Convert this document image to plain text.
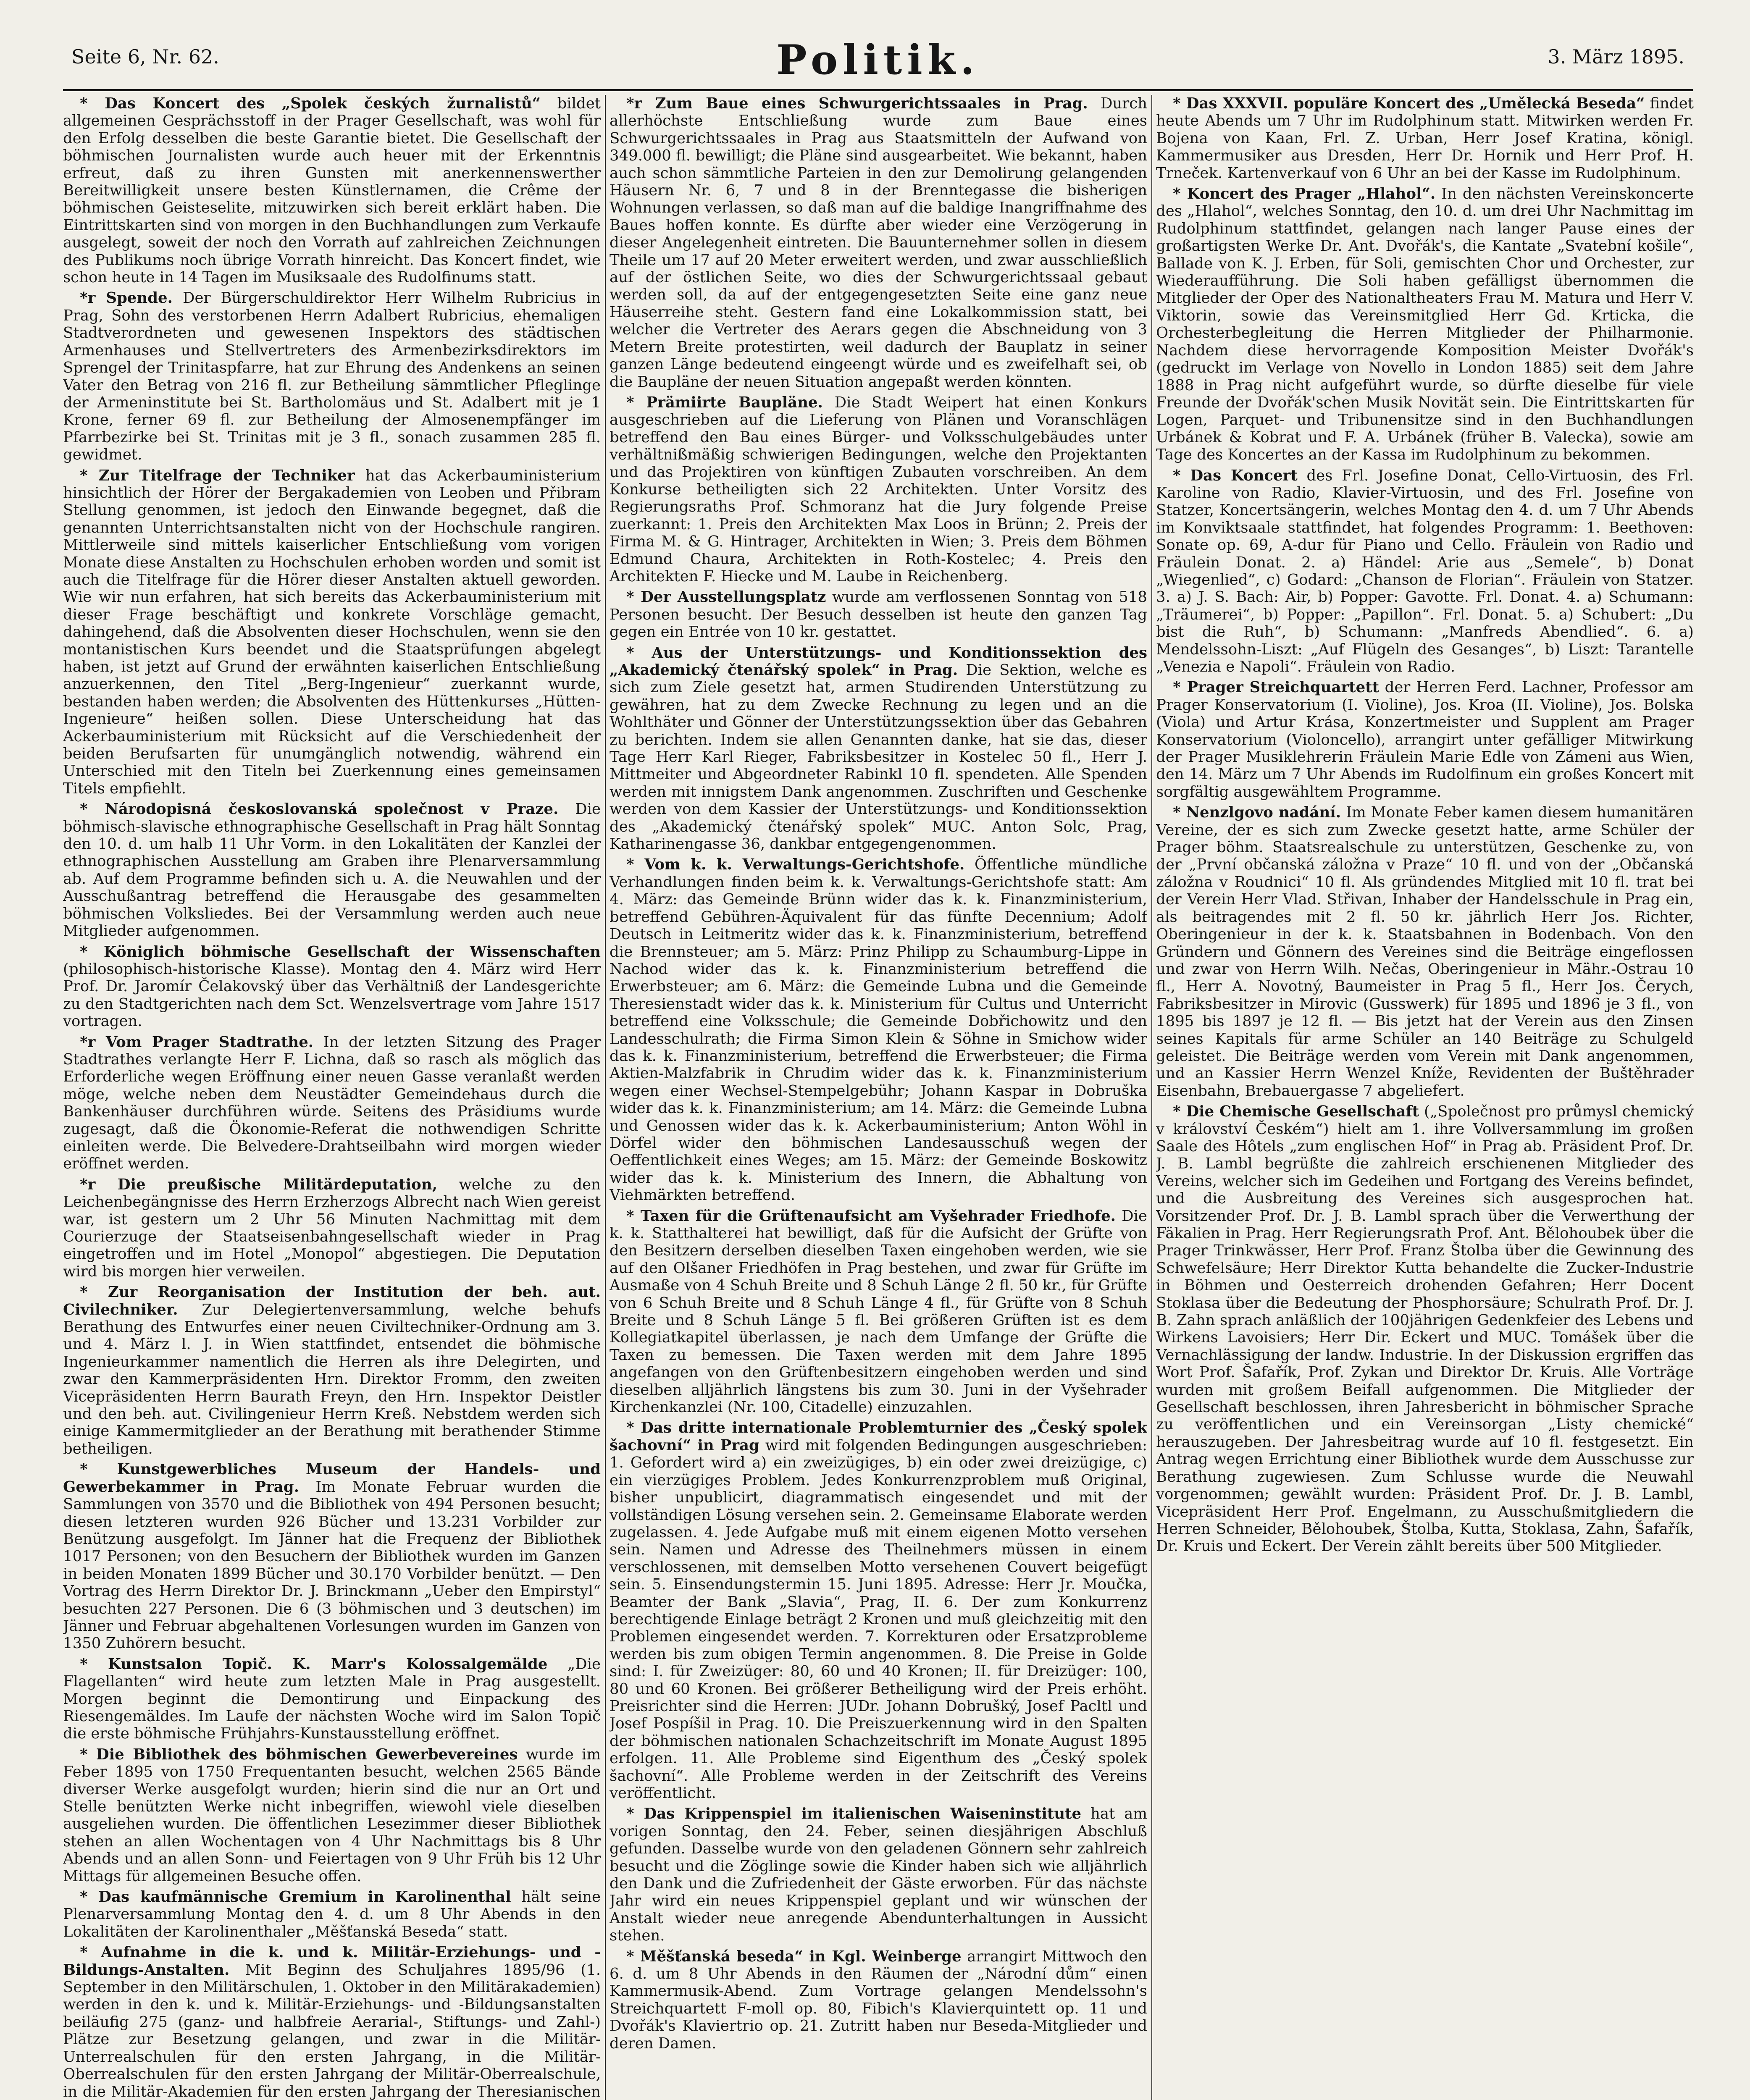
Seite 6, Nr. 62.	Politik.	3. März 1895.

* Das Koncert des „Spolek českých žurnalistů“ bildet allgemeinen Gesprächsstoff in der Prager Gesellschaft, was wohl für den Erfolg desselben die beste Garantie bietet. Die Gesellschaft der böhmischen Journalisten wurde auch heuer mit der Erkenntnis erfreut, daß zu ihren Gunsten mit anerkennenswerther Bereitwilligkeit unsere besten Künstlernamen, die Crême der böhmischen Geisteselite, mitzuwirken sich bereit erklärt haben. Die Eintrittskarten sind von morgen in den Buchhandlungen zum Verkaufe ausgelegt, soweit der noch den Vorrath auf zahlreichen Zeichnungen des Publikums noch übrige Vorrath hinreicht. Das Koncert findet, wie schon heute in 14 Tagen im Musiksaale des Rudolfinums statt.

*r Spende. Der Bürgerschuldirektor Herr Wilhelm Rubricius in Prag, Sohn des verstorbenen Herrn Adalbert Rubricius, ehemaligen Stadtverordneten und gewesenen Inspektors des städtischen Armenhauses und Stellvertreters des Armenbezirksdirektors im Sprengel der Trinitaspfarre, hat zur Ehrung des Andenkens an seinen Vater den Betrag von 216 fl. zur Betheilung sämmtlicher Pfleglinge der Armeninstitute bei St. Bartholomäus und St. Adalbert mit je 1 Krone, ferner 69 fl. zur Betheilung der Almosenempfänger im Pfarrbezirke bei St. Trinitas mit je 3 fl., sonach zusammen 285 fl. gewidmet.

* Zur Titelfrage der Techniker hat das Ackerbauministerium hinsichtlich der Hörer der Bergakademien von Leoben und Přibram Stellung genommen, ist jedoch den Einwande begegnet, daß die genannten Unterrichtsanstalten nicht von der Hochschule rangiren. Mittlerweile sind mittels kaiserlicher Entschließung vom vorigen Monate diese Anstalten zu Hochschulen erhoben worden und somit ist auch die Titelfrage für die Hörer dieser Anstalten aktuell geworden. Wie wir nun erfahren, hat sich bereits das Ackerbauministerium mit dieser Frage beschäftigt und konkrete Vorschläge gemacht, dahingehend, daß die Absolventen dieser Hochschulen, wenn sie den montanistischen Kurs beendet und die Staatsprüfungen abgelegt haben, ist jetzt auf Grund der erwähnten kaiserlichen Entschließung anzuerkennen, den Titel „Berg-Ingenieur“ zuerkannt wurde, bestanden haben werden; die Absolventen des Hüttenkurses „Hütten-Ingenieure“ heißen sollen. Diese Unterscheidung hat das Ackerbauministerium mit Rücksicht auf die Verschiedenheit der beiden Berufsarten für unumgänglich notwendig, während ein Unterschied mit den Titeln bei Zuerkennung eines gemeinsamen Titels empfiehlt.

* Národopisná českoslovanská společnost v Praze. Die böhmisch-slavische ethnographische Gesellschaft in Prag hält Sonntag den 10. d. um halb 11 Uhr Vorm. in den Lokalitäten der Kanzlei der ethnographischen Ausstellung am Graben ihre Plenarversammlung ab. Auf dem Programme befinden sich u. A. die Neuwahlen und der Ausschußantrag betreffend die Herausgabe des gesammelten böhmischen Volksliedes. Bei der Versammlung werden auch neue Mitglieder aufgenommen.

* Königlich böhmische Gesellschaft der Wissenschaften (philosophisch-historische Klasse). Montag den 4. März wird Herr Prof. Dr. Jaromír Čelakovský über das Verhältniß der Landesgerichte zu den Stadtgerichten nach dem Sct. Wenzelsvertrage vom Jahre 1517 vortragen.

*r Vom Prager Stadtrathe. In der letzten Sitzung des Prager Stadtrathes verlangte Herr F. Lichna, daß so rasch als möglich das Erforderliche wegen Eröffnung einer neuen Gasse veranlaßt werden möge, welche neben dem Neustädter Gemeindehaus durch die Bankenhäuser durchführen würde. Seitens des Präsidiums wurde zugesagt, daß die Ökonomie-Referat die nothwendigen Schritte einleiten werde. Die Belvedere-Drahtseilbahn wird morgen wieder eröffnet werden.

*r Die preußische Militärdeputation, welche zu den Leichenbegängnisse des Herrn Erzherzogs Albrecht nach Wien gereist war, ist gestern um 2 Uhr 56 Minuten Nachmittag mit dem Courierzuge der Staatseisenbahngesellschaft wieder in Prag eingetroffen und im Hotel „Monopol“ abgestiegen. Die Deputation wird bis morgen hier verweilen.

* Zur Reorganisation der Institution der beh. aut. Civilechniker. Zur Delegiertenversammlung, welche behufs Berathung des Entwurfes einer neuen Civiltechniker-Ordnung am 3. und 4. März l. J. in Wien stattfindet, entsendet die böhmische Ingenieurkammer namentlich die Herren als ihre Delegirten, und zwar den Kammerpräsidenten Hrn. Direktor Fromm, den zweiten Vicepräsidenten Herrn Baurath Freyn, den Hrn. Inspektor Deistler und den beh. aut. Civilingenieur Herrn Kreß. Nebstdem werden sich einige Kammermitglieder an der Berathung mit berathender Stimme betheiligen.

* Kunstgewerbliches Museum der Handels- und Gewerbekammer in Prag. Im Monate Februar wurden die Sammlungen von 3570 und die Bibliothek von 494 Personen besucht; diesen letzteren wurden 926 Bücher und 13.231 Vorbilder zur Benützung ausgefolgt. Im Jänner hat die Frequenz der Bibliothek 1017 Personen; von den Besuchern der Bibliothek wurden im Ganzen in beiden Monaten 1899 Bücher und 30.170 Vorbilder benützt. — Den Vortrag des Herrn Direktor Dr. J. Brinckmann „Ueber den Empirstyl“ besuchten 227 Personen. Die 6 (3 böhmischen und 3 deutschen) im Jänner und Februar abgehaltenen Vorlesungen wurden im Ganzen von 1350 Zuhörern besucht.

* Kunstsalon Topič. K. Marr's Kolossalgemälde „Die Flagellanten“ wird heute zum letzten Male in Prag ausgestellt. Morgen beginnt die Demontirung und Einpackung des Riesengemäldes. Im Laufe der nächsten Woche wird im Salon Topič die erste böhmische Frühjahrs-Kunstausstellung eröffnet.

* Die Bibliothek des böhmischen Gewerbevereines wurde im Feber 1895 von 1750 Frequentanten besucht, welchen 2565 Bände diverser Werke ausgefolgt wurden; hierin sind die nur an Ort und Stelle benützten Werke nicht inbegriffen, wiewohl viele dieselben ausgeliehen wurden. Die öffentlichen Lesezimmer dieser Bibliothek stehen an allen Wochentagen von 4 Uhr Nachmittags bis 8 Uhr Abends und an allen Sonn- und Feiertagen von 9 Uhr Früh bis 12 Uhr Mittags für allgemeinen Besuche offen.

* Das kaufmännische Gremium in Karolinenthal hält seine Plenarversammlung Montag den 4. d. um 8 Uhr Abends in den Lokalitäten der Karolinenthaler „Měšťanská Beseda“ statt.

* Aufnahme in die k. und k. Militär-Erziehungs- und -Bildungs-Anstalten. Mit Beginn des Schuljahres 1895/96 (1. September in den Militärschulen, 1. Oktober in den Militärakademien) werden in den k. und k. Militär-Erziehungs- und -Bildungsanstalten beiläufig 275 (ganz- und halbfreie Aerarial-, Stiftungs- und Zahl-) Plätze zur Besetzung gelangen, und zwar in die Militär-Unterrealschulen für den ersten Jahrgang, in die Militär-Oberrealschulen für den ersten Jahrgang der Militär-Oberrealschule, in die Militär-Akademien für den ersten Jahrgang der Theresianischen

*r Zum Baue eines Schwurgerichtssaales in Prag. Durch allerhöchste Entschließung wurde zum Baue eines Schwurgerichtssaales in Prag aus Staatsmitteln der Aufwand von 349.000 fl. bewilligt; die Pläne sind ausgearbeitet. Wie bekannt, haben auch schon sämmtliche Parteien in den zur Demolirung gelangenden Häusern Nr. 6, 7 und 8 in der Brenntegasse die bisherigen Wohnungen verlassen, so daß man auf die baldige Inangriffnahme des Baues hoffen konnte. Es dürfte aber wieder eine Verzögerung in dieser Angelegenheit eintreten. Die Bauunternehmer sollen in diesem Theile um 17 auf 20 Meter erweitert werden, und zwar ausschließlich auf der östlichen Seite, wo dies der Schwurgerichtssaal gebaut werden soll, da auf der entgegengesetzten Seite eine ganz neue Häuserreihe steht. Gestern fand eine Lokalkommission statt, bei welcher die Vertreter des Aerars gegen die Abschneidung von 3 Metern Breite protestirten, weil dadurch der Bauplatz in seiner ganzen Länge bedeutend eingeengt würde und es zweifelhaft sei, ob die Baupläne der neuen Situation angepaßt werden könnten.

* Prämiirte Baupläne. Die Stadt Weipert hat einen Konkurs ausgeschrieben auf die Lieferung von Plänen und Voranschlägen betreffend den Bau eines Bürger- und Volksschulgebäudes unter verhältnißmäßig schwierigen Bedingungen, welche den Projektanten und das Projektiren von künftigen Zubauten vorschreiben. An dem Konkurse betheiligten sich 22 Architekten. Unter Vorsitz des Regierungsraths Prof. Schmoranz hat die Jury folgende Preise zuerkannt: 1. Preis den Architekten Max Loos in Brünn; 2. Preis der Firma M. & G. Hintrager, Architekten in Wien; 3. Preis dem Böhmen Edmund Chaura, Architekten in Roth-Kostelec; 4. Preis den Architekten F. Hiecke und M. Laube in Reichenberg.

* Der Ausstellungsplatz wurde am verflossenen Sonntag von 518 Personen besucht. Der Besuch desselben ist heute den ganzen Tag gegen ein Entrée von 10 kr. gestattet.

* Aus der Unterstützungs- und Konditionssektion des „Akademický čtenářský spolek“ in Prag. Die Sektion, welche es sich zum Ziele gesetzt hat, armen Studirenden Unterstützung zu gewähren, hat zu dem Zwecke Rechnung zu legen und an die Wohlthäter und Gönner der Unterstützungssektion über das Gebahren zu berichten. Indem sie allen Genannten danke, hat sie das, dieser Tage Herr Karl Rieger, Fabriksbesitzer in Kostelec 50 fl., Herr J. Mittmeiter und Abgeordneter Rabinkl 10 fl. spendeten. Alle Spenden werden mit innigstem Dank angenommen. Zuschriften und Geschenke werden von dem Kassier der Unterstützungs- und Konditionssektion des „Akademický čtenářský spolek“ MUC. Anton Solc, Prag, Katharinengasse 36, dankbar entgegengenommen.

* Vom k. k. Verwaltungs-Gerichtshofe. Öffentliche mündliche Verhandlungen finden beim k. k. Verwaltungs-Gerichtshofe statt: Am 4. März: das Gemeinde Brünn wider das k. k. Finanzministerium, betreffend Gebühren-Äquivalent für das fünfte Decennium; Adolf Deutsch in Leitmeritz wider das k. k. Finanzministerium, betreffend die Brennsteuer; am 5. März: Prinz Philipp zu Schaumburg-Lippe in Nachod wider das k. k. Finanzministerium betreffend die Erwerbsteuer; am 6. März: die Gemeinde Lubna und die Gemeinde Theresienstadt wider das k. k. Ministerium für Cultus und Unterricht betreffend eine Volksschule; die Gemeinde Dobřichowitz und den Landesschulrath; die Firma Simon Klein & Söhne in Smichow wider das k. k. Finanzministerium, betreffend die Erwerbsteuer; die Firma Aktien-Malzfabrik in Chrudim wider das k. k. Finanzministerium wegen einer Wechsel-Stempelgebühr; Johann Kaspar in Dobruška wider das k. k. Finanzministerium; am 14. März: die Gemeinde Lubna und Genossen wider das k. k. Ackerbauministerium; Anton Wöhl in Dörfel wider den böhmischen Landesausschuß wegen der Oeffentlichkeit eines Weges; am 15. März: der Gemeinde Boskowitz wider das k. k. Ministerium des Innern, die Abhaltung von Viehmärkten betreffend.

* Taxen für die Grüftenaufsicht am Vyšehrader Friedhofe. Die k. k. Statthalterei hat bewilligt, daß für die Aufsicht der Grüfte von den Besitzern derselben dieselben Taxen eingehoben werden, wie sie auf den Olšaner Friedhöfen in Prag bestehen, und zwar für Grüfte im Ausmaße von 4 Schuh Breite und 8 Schuh Länge 2 fl. 50 kr., für Grüfte von 6 Schuh Breite und 8 Schuh Länge 4 fl., für Grüfte von 8 Schuh Breite und 8 Schuh Länge 5 fl. Bei größeren Grüften ist es dem Kollegiatkapitel überlassen, je nach dem Umfange der Grüfte die Taxen zu bemessen. Die Taxen werden mit dem Jahre 1895 angefangen von den Grüftenbesitzern eingehoben werden und sind dieselben alljährlich längstens bis zum 30. Juni in der Vyšehrader Kirchenkanzlei (Nr. 100, Citadelle) einzuzahlen.

* Das dritte internationale Problemturnier des „Český spolek šachovní“ in Prag wird mit folgenden Bedingungen ausgeschrieben: 1. Gefordert wird a) ein zweizügiges, b) ein oder zwei dreizügige, c) ein vierzügiges Problem. Jedes Konkurrenzproblem muß Original, bisher unpublicirt, diagrammatisch eingesendet und mit der vollständigen Lösung versehen sein. 2. Gemeinsame Elaborate werden zugelassen. 4. Jede Aufgabe muß mit einem eigenen Motto versehen sein. Namen und Adresse des Theilnehmers müssen in einem verschlossenen, mit demselben Motto versehenen Couvert beigefügt sein. 5. Einsendungstermin 15. Juni 1895. Adresse: Herr Jr. Moučka, Beamter der Bank „Slavia“, Prag, II. 6. Der zum Konkurrenz berechtigende Einlage beträgt 2 Kronen und muß gleichzeitig mit den Problemen eingesendet werden. 7. Korrekturen oder Ersatzprobleme werden bis zum obigen Termin angenommen. 8. Die Preise in Golde sind: I. für Zweizüger: 80, 60 und 40 Kronen; II. für Dreizüger: 100, 80 und 60 Kronen. Bei größerer Betheiligung wird der Preis erhöht. Preisrichter sind die Herren: JUDr. Johann Dobrušký, Josef Pacltl und Josef Pospíšil in Prag. 10. Die Preiszuerkennung wird in den Spalten der böhmischen nationalen Schachzeitschrift im Monate August 1895 erfolgen. 11. Alle Probleme sind Eigenthum des „Český spolek šachovní“. Alle Probleme werden in der Zeitschrift des Vereins veröffentlicht.

* Das Krippenspiel im italienischen Waiseninstitute hat am vorigen Sonntag, den 24. Feber, seinen diesjährigen Abschluß gefunden. Dasselbe wurde von den geladenen Gönnern sehr zahlreich besucht und die Zöglinge sowie die Kinder haben sich wie alljährlich den Dank und die Zufriedenheit der Gäste erworben. Für das nächste Jahr wird ein neues Krippenspiel geplant und wir wünschen der Anstalt wieder neue anregende Abendunterhaltungen in Aussicht stehen.

* Měšťanská beseda“ in Kgl. Weinberge arrangirt Mittwoch den 6. d. um 8 Uhr Abends in den Räumen der „Národní dům“ einen Kammermusik-Abend. Zum Vortrage gelangen Mendelssohn's Streichquartett F-moll op. 80, Fibich's Klavierquintett op. 11 und Dvořák's Klaviertrio op. 21. Zutritt haben nur Beseda-Mitglieder und deren Damen.

* Das XXXVII. populäre Koncert des „Umělecká Beseda“ findet heute Abends um 7 Uhr im Rudolphinum statt. Mitwirken werden Fr. Bojena von Kaan, Frl. Z. Urban, Herr Josef Kratina, königl. Kammermusiker aus Dresden, Herr Dr. Hornik und Herr Prof. H. Trneček. Kartenverkauf von 6 Uhr an bei der Kasse im Rudolphinum.

* Koncert des Prager „Hlahol“. In den nächsten Vereinskoncerte des „Hlahol“, welches Sonntag, den 10. d. um drei Uhr Nachmittag im Rudolphinum stattfindet, gelangen nach langer Pause eines der großartigsten Werke Dr. Ant. Dvořák's, die Kantate „Svatební košile“, Ballade von K. J. Erben, für Soli, gemischten Chor und Orchester, zur Wiederaufführung. Die Soli haben gefälligst übernommen die Mitglieder der Oper des Nationaltheaters Frau M. Matura und Herr V. Viktorin, sowie das Vereinsmitglied Herr Gd. Krticka, die Orchesterbegleitung die Herren Mitglieder der Philharmonie. Nachdem diese hervorragende Komposition Meister Dvořák's (gedruckt im Verlage von Novello in London 1885) seit dem Jahre 1888 in Prag nicht aufgeführt wurde, so dürfte dieselbe für viele Freunde der Dvořák'schen Musik Novität sein. Die Eintrittskarten für Logen, Parquet- und Tribunensitze sind in den Buchhandlungen Urbánek & Kobrat und F. A. Urbánek (früher B. Valecka), sowie am Tage des Koncertes an der Kassa im Rudolphinum zu bekommen.

* Das Koncert des Frl. Josefine Donat, Cello-Virtuosin, des Frl. Karoline von Radio, Klavier-Virtuosin, und des Frl. Josefine von Statzer, Koncertsängerin, welches Montag den 4. d. um 7 Uhr Abends im Konviktsaale stattfindet, hat folgendes Programm: 1. Beethoven: Sonate op. 69, A-dur für Piano und Cello. Fräulein von Radio und Fräulein Donat. 2. a) Händel: Arie aus „Semele“, b) Donat „Wiegenlied“, c) Godard: „Chanson de Florian“. Fräulein von Statzer. 3. a) J. S. Bach: Air, b) Popper: Gavotte. Frl. Donat. 4. a) Schumann: „Träumerei“, b) Popper: „Papillon“. Frl. Donat. 5. a) Schubert: „Du bist die Ruh“, b) Schumann: „Manfreds Abendlied“. 6. a) Mendelssohn-Liszt: „Auf Flügeln des Gesanges“, b) Liszt: Tarantelle „Venezia e Napoli“. Fräulein von Radio.

* Prager Streichquartett der Herren Ferd. Lachner, Professor am Prager Konservatorium (I. Violine), Jos. Kroa (II. Violine), Jos. Bolska (Viola) und Artur Krása, Konzertmeister und Supplent am Prager Konservatorium (Violoncello), arrangirt unter gefälliger Mitwirkung der Prager Musiklehrerin Fräulein Marie Edle von Zámeni aus Wien, den 14. März um 7 Uhr Abends im Rudolfinum ein großes Koncert mit sorgfältig ausgewähltem Programme.

* Nenzlgovo nadání. Im Monate Feber kamen diesem humanitären Vereine, der es sich zum Zwecke gesetzt hatte, arme Schüler der Prager böhm. Staatsrealschule zu unterstützen, Geschenke zu, von der „První občanská záložna v Praze“ 10 fl. und von der „Občanská záložna v Roudnici“ 10 fl. Als gründendes Mitglied mit 10 fl. trat bei der Verein Herr Vlad. Střivan, Inhaber der Handelsschule in Prag ein, als beitragendes mit 2 fl. 50 kr. jährlich Herr Jos. Richter, Oberingenieur in der k. k. Staatsbahnen in Bodenbach. Von den Gründern und Gönnern des Vereines sind die Beiträge eingeflossen und zwar von Herrn Wilh. Nečas, Oberingenieur in Mähr.-Ostrau 10 fl., Herr A. Novotný, Baumeister in Prag 5 fl., Herr Jos. Čerych, Fabriksbesitzer in Mirovic (Gusswerk) für 1895 und 1896 je 3 fl., von 1895 bis 1897 je 12 fl. — Bis jetzt hat der Verein aus den Zinsen seines Kapitals für arme Schüler an 140 Beiträge zu Schulgeld geleistet. Die Beiträge werden vom Verein mit Dank angenommen, und an Kassier Herrn Wenzel Kníže, Revidenten der Buštěhrader Eisenbahn, Brebauergasse 7 abgeliefert.

* Die Chemische Gesellschaft („Společnost pro průmysl chemický v království Českém“) hielt am 1. ihre Vollversammlung im großen Saale des Hôtels „zum englischen Hof“ in Prag ab. Präsident Prof. Dr. J. B. Lambl begrüßte die zahlreich erschienenen Mitglieder des Vereins, welcher sich im Gedeihen und Fortgang des Vereins befindet, und die Ausbreitung des Vereines sich ausgesprochen hat. Vorsitzender Prof. Dr. J. B. Lambl sprach über die Verwerthung der Fäkalien in Prag. Herr Regierungsrath Prof. Ant. Bělohoubek über die Prager Trinkwässer, Herr Prof. Franz Štolba über die Gewinnung des Schwefelsäure; Herr Direktor Kutta behandelte die Zucker-Industrie in Böhmen und Oesterreich drohenden Gefahren; Herr Docent Stoklasa über die Bedeutung der Phosphorsäure; Schulrath Prof. Dr. J. B. Zahn sprach anläßlich der 100jährigen Gedenkfeier des Lebens und Wirkens Lavoisiers; Herr Dir. Eckert und MUC. Tomášek über die Vernachlässigung der landw. Industrie. In der Diskussion ergriffen das Wort Prof. Šafařík, Prof. Zykan und Direktor Dr. Kruis. Alle Vorträge wurden mit großem Beifall aufgenommen. Die Mitglieder der Gesellschaft beschlossen, ihren Jahresbericht in böhmischer Sprache zu veröffentlichen und ein Vereinsorgan „Listy chemické“ herauszugeben. Der Jahresbeitrag wurde auf 10 fl. festgesetzt. Ein Antrag wegen Errichtung einer Bibliothek wurde dem Ausschusse zur Berathung zugewiesen. Zum Schlusse wurde die Neuwahl vorgenommen; gewählt wurden: Präsident Prof. Dr. J. B. Lambl, Vicepräsident Herr Prof. Engelmann, zu Ausschußmitgliedern die Herren Schneider, Bělohoubek, Štolba, Kutta, Stoklasa, Zahn, Šafařík, Dr. Kruis und Eckert. Der Verein zählt bereits über 500 Mitglieder.
